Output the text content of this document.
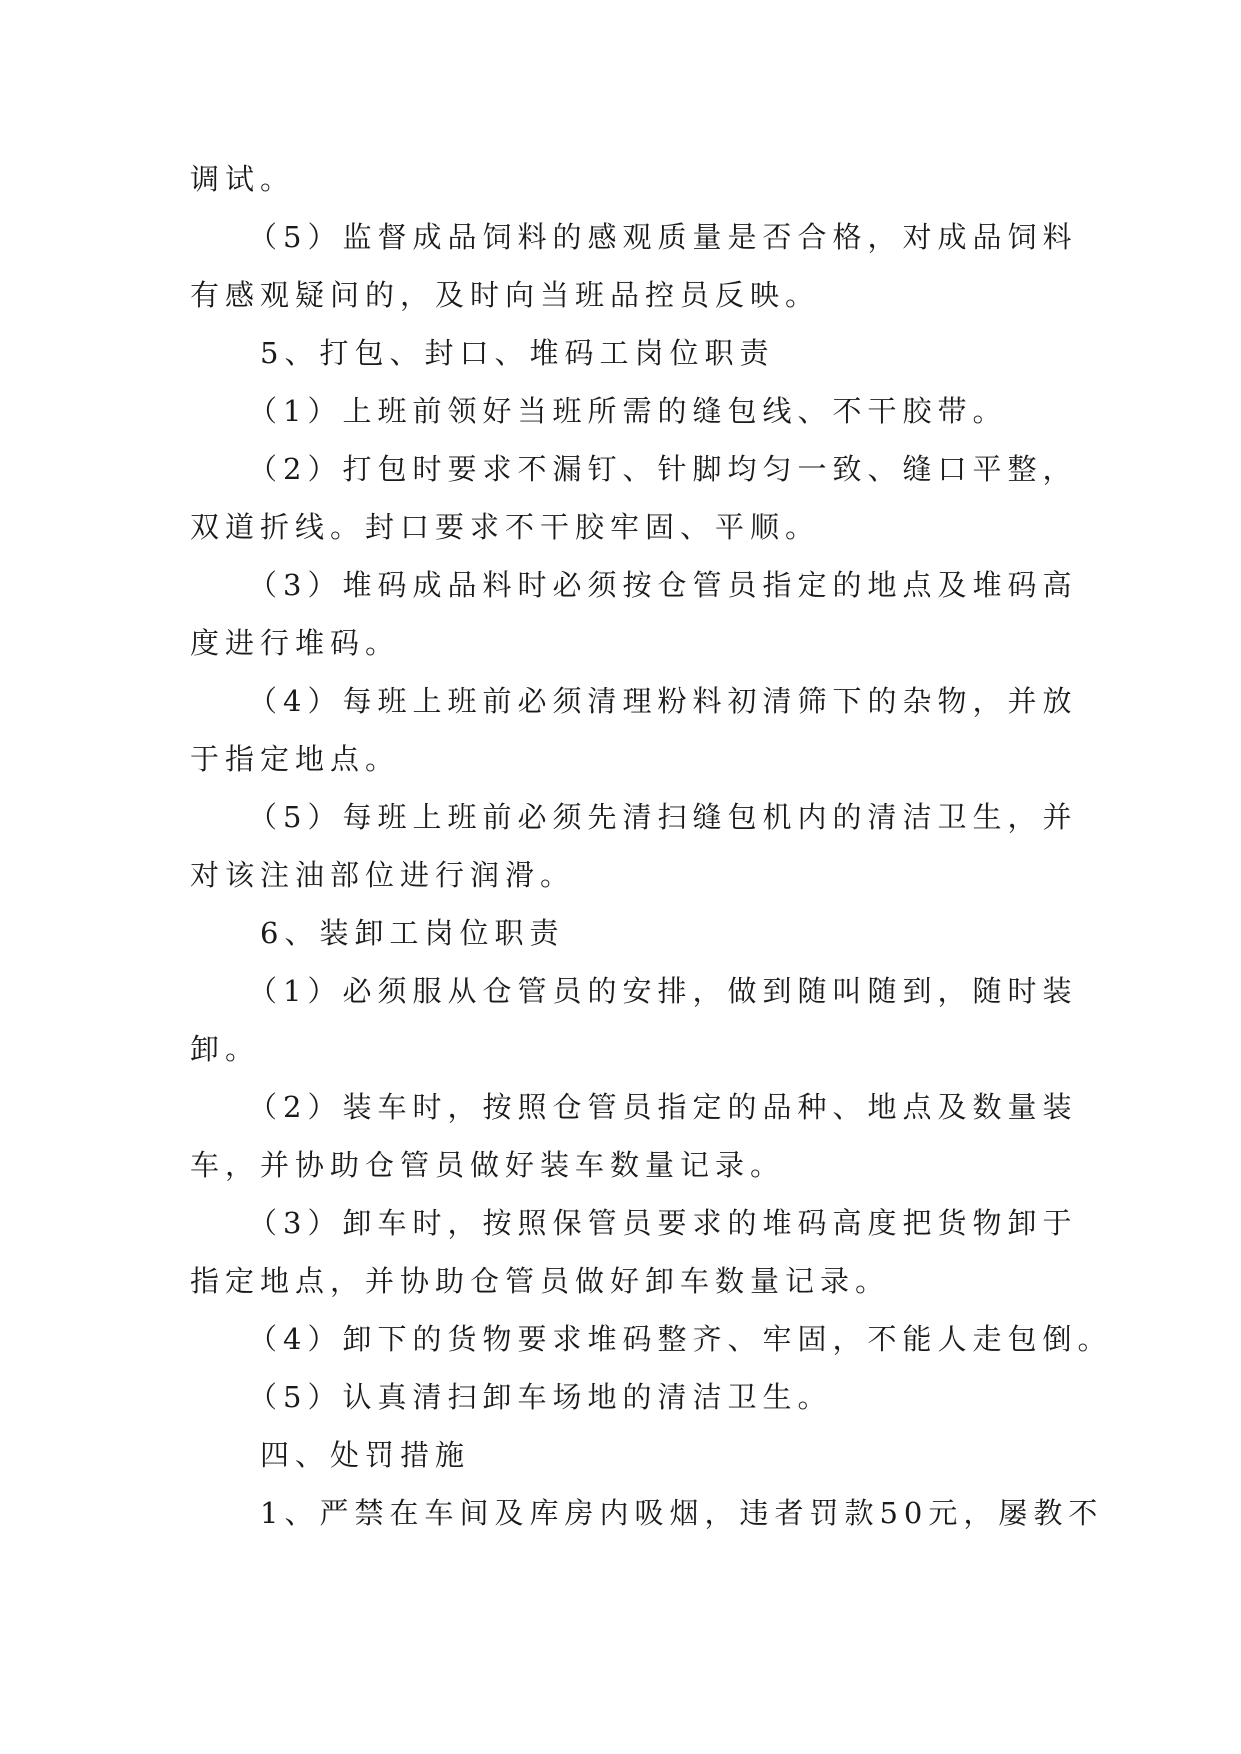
调试。
（5）监督成品饲料的感观质量是否合格，对成品饲料
有感观疑问的，及时向当班品控员反映。
5、打包、封口、堆码工岗位职责
（1）上班前领好当班所需的缝包线、不干胶带。
（2）打包时要求不漏钉、针脚均匀一致、缝口平整，
双道折线。封口要求不干胶牢固、平顺。
（3）堆码成品料时必须按仓管员指定的地点及堆码高
度进行堆码。
（4）每班上班前必须清理粉料初清筛下的杂物，并放
于指定地点。
（5）每班上班前必须先清扫缝包机内的清洁卫生，并
对该注油部位进行润滑。
6、装卸工岗位职责
（1）必须服从仓管员的安排，做到随叫随到，随时装
卸。
（2）装车时，按照仓管员指定的品种、地点及数量装
车，并协助仓管员做好装车数量记录。
（3）卸车时，按照保管员要求的堆码高度把货物卸于
指定地点，并协助仓管员做好卸车数量记录。
（4）卸下的货物要求堆码整齐、牢固，不能人走包倒。
（5）认真清扫卸车场地的清洁卫生。
四、处罚措施
1、严禁在车间及库房内吸烟，违者罚款50元，屡教不
